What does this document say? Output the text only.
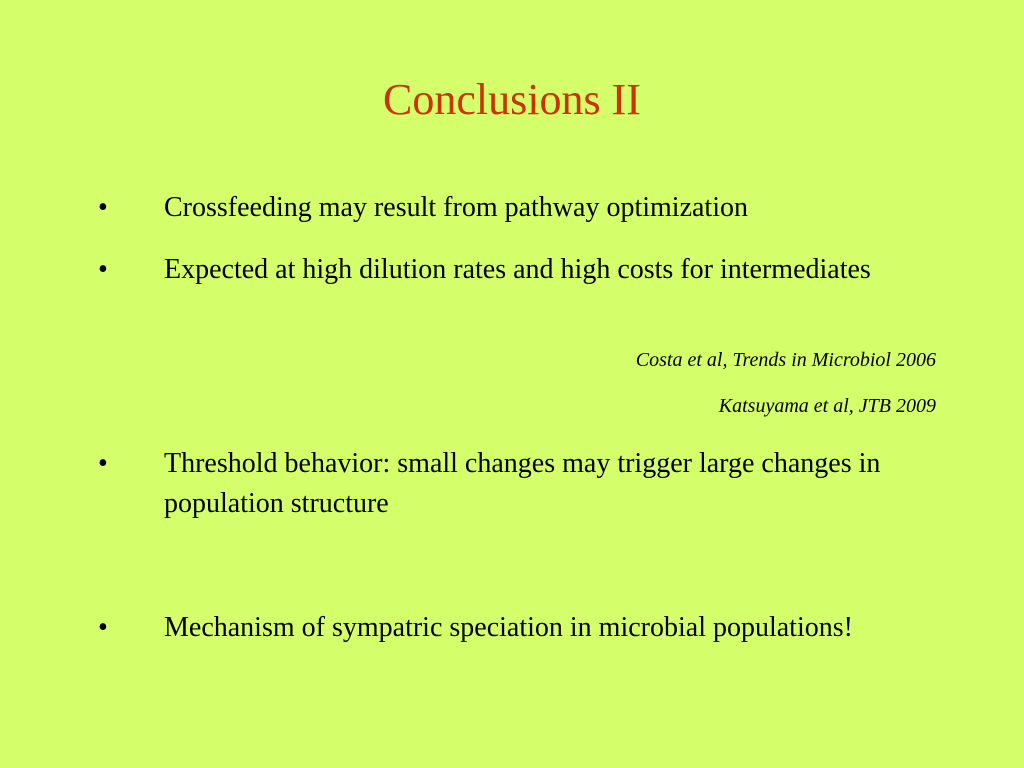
Conclusions II
•	Crossfeeding may result from pathway optimization
•	Expected at high dilution rates and high costs for intermediates
Costa et al, Trends in Microbiol 2006
Katsuyama et al, JTB 2009
•	Threshold behavior: small changes may trigger large changes in population structure
•	Mechanism of sympatric speciation in microbial populations!
